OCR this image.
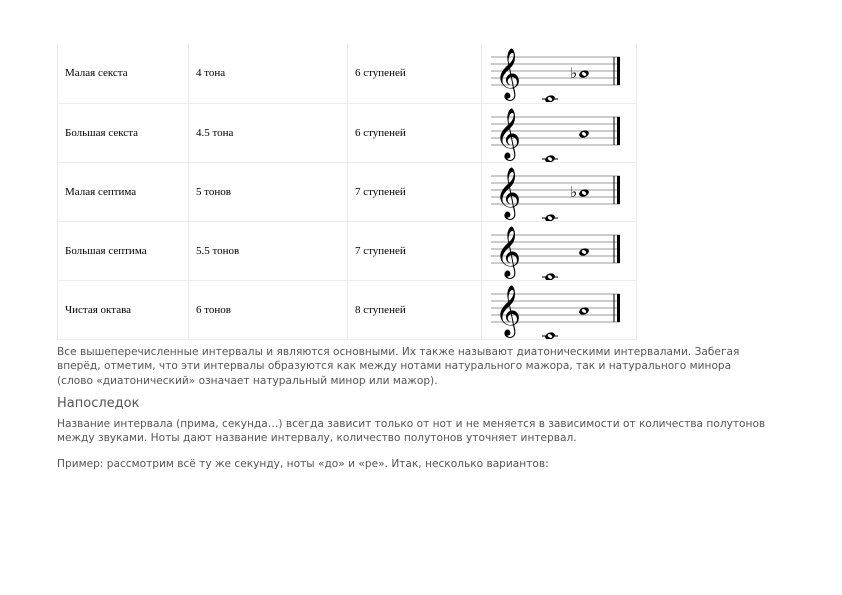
Малая секста	4 тона	6 ступеней	𝄞 ♭

Большая секста	4.5 тона	6 ступеней	𝄞

Малая септима	5 тонов	7 ступеней	𝄞 ♭

Большая септима	5.5 тонов	7 ступеней	𝄞

Чистая октава	6 тонов	8 ступеней	𝄞
Все вышеперечисленные интервалы и являются основными. Их также называют диатоническими интервалами. Забегая вперёд, отметим, что эти интервалы образуются как между нотами натурального мажора, так и натурального минора (слово «диатонический» означает натуральный минор или мажор).
Напоследок
Название интервала (прима, секунда…) всегда зависит только от нот и не меняется в зависимости от количества полутонов между звуками. Ноты дают название интервалу, количество полутонов уточняет интервал.
Пример: рассмотрим всё ту же секунду, ноты «до» и «ре». Итак, несколько вариантов:
